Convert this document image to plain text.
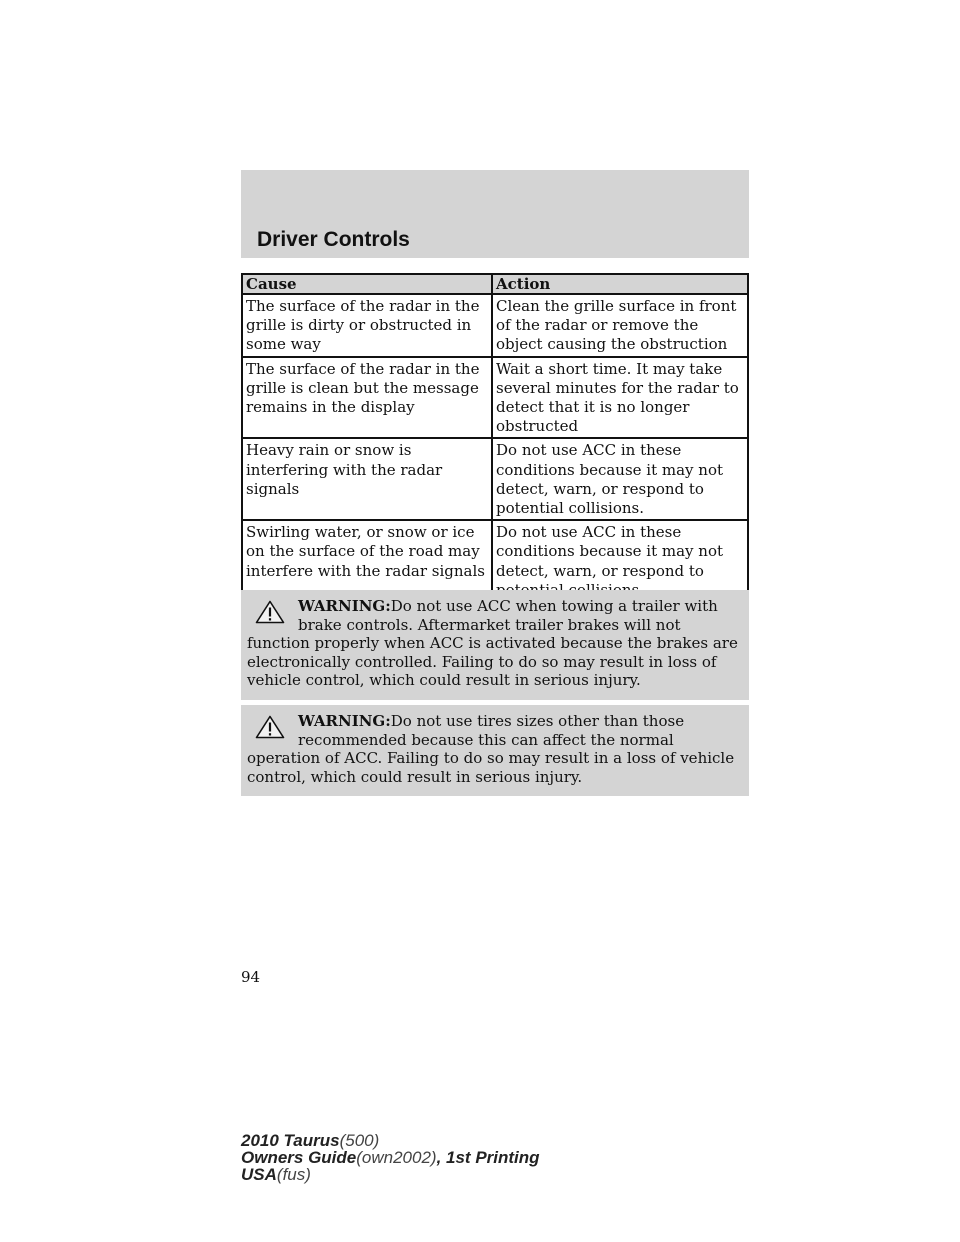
Driver Controls
Cause	Action
The surface of the radar in the grille is dirty or obstructed in some way	Clean the grille surface in front of the radar or remove the object causing the obstruction
The surface of the radar in the grille is clean but the message remains in the display	Wait a short time. It may take several minutes for the radar to detect that it is no longer obstructed
Heavy rain or snow is interfering with the radar signals	Do not use ACC in these conditions because it may not detect, warn, or respond to potential collisions.
Swirling water, or snow or ice on the surface of the road may interfere with the radar signals	Do not use ACC in these conditions because it may not detect, warn, or respond to
WARNING:Do not use ACC when towing a trailer with brake controls. Aftermarket trailer brakes will not function properly when ACC is activated because the brakes are electronically controlled. Failing to do so may result in loss of vehicle control, which could result in serious injury.
WARNING:Do not use tires sizes other than those recommended because this can affect the normal operation of ACC. Failing to do so may result in a loss of vehicle control, which could result in serious injury.
94
2010 Taurus(500)
Owners Guide(own2002), 1st Printing
USA(fus)
